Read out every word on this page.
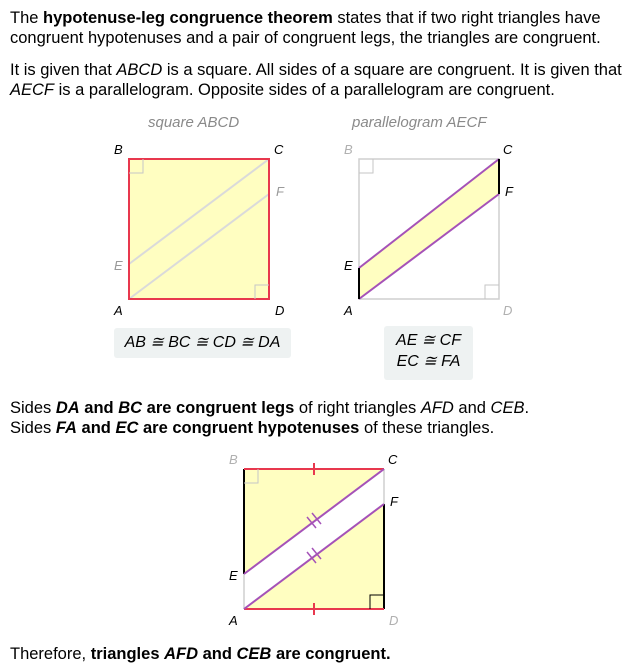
The hypotenuse-leg congruence theorem states that if two right triangles have congruent hypotenuses and a pair of congruent legs, the triangles are congruent.

It is given that ABCD is a square. All sides of a square are congruent. It is given that AECF is a parallelogram. Opposite sides of a parallelogram are congruent.

square ABCD	parallelogram AECF
B	C
F
E
A	D
AB ≅ BC ≅ CD ≅ DA
B	C
F
E
A	D
AE ≅ CF
EC ≅ FA

Sides DA and BC are congruent legs of right triangles AFD and CEB.

Sides FA and EC are congruent hypotenuses of these triangles.

B	C
F
E
A	D

Therefore, triangles AFD and CEB are congruent.
